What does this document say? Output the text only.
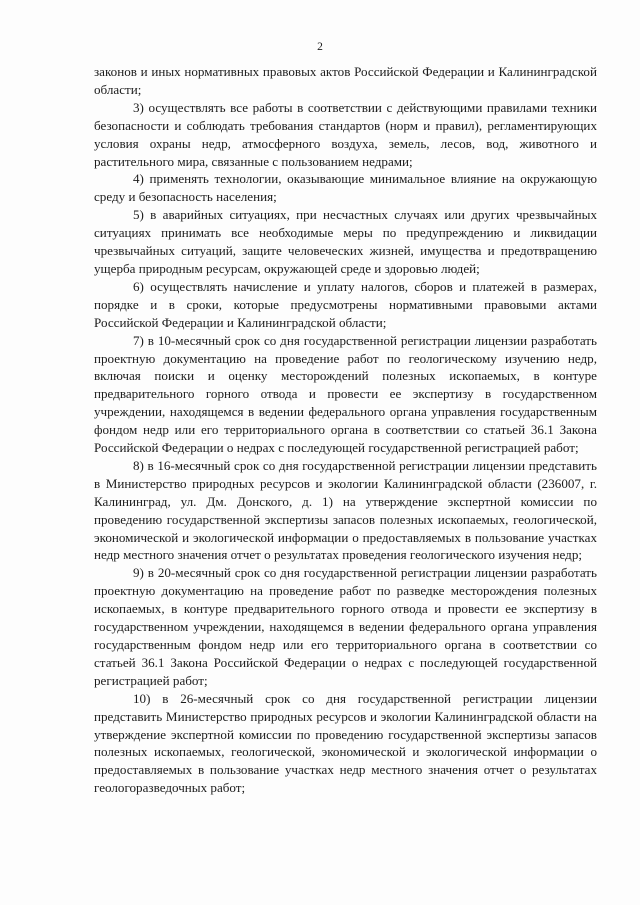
2

законов и иных нормативных правовых актов Российской Федерации и Калининградской области;

3) осуществлять все работы в соответствии с действующими правилами техники безопасности и соблюдать требования стандартов (норм и правил), регламентирующих условия охраны недр, атмосферного воздуха, земель, лесов, вод, животного и растительного мира, связанные с пользованием недрами;

4) применять технологии, оказывающие минимальное влияние на окружающую среду и безопасность населения;

5) в аварийных ситуациях, при несчастных случаях или других чрезвычайных ситуациях принимать все необходимые меры по предупреждению и ликвидации чрезвычайных ситуаций, защите человеческих жизней, имущества и предотвращению ущерба природным ресурсам, окружающей среде и здоровью людей;

6) осуществлять начисление и уплату налогов, сборов и платежей в размерах, порядке и в сроки, которые предусмотрены нормативными правовыми актами Российской Федерации и Калининградской области;

7) в 10-месячный срок со дня государственной регистрации лицензии разработать проектную документацию на проведение работ по геологическому изучению недр, включая поиски и оценку месторождений полезных ископаемых, в контуре предварительного горного отвода и провести ее экспертизу в государственном учреждении, находящемся в ведении федерального органа управления государственным фондом недр или его территориального органа в соответствии со статьей 36.1 Закона Российской Федерации о недрах с последующей государственной регистрацией работ;

8) в 16-месячный срок со дня государственной регистрации лицензии представить в Министерство природных ресурсов и экологии Калининградской области (236007, г. Калининград, ул. Дм. Донского, д. 1) на утверждение экспертной комиссии по проведению государственной экспертизы запасов полезных ископаемых, геологической, экономической и экологической информации о предоставляемых в пользование участках недр местного значения отчет о результатах проведения геологического изучения недр;

9) в 20-месячный срок со дня государственной регистрации лицензии разработать проектную документацию на проведение работ по разведке месторождения полезных ископаемых, в контуре предварительного горного отвода и провести ее экспертизу в государственном учреждении, находящемся в ведении федерального органа управления государственным фондом недр или его территориального органа в соответствии со статьей 36.1 Закона Российской Федерации о недрах с последующей государственной регистрацией работ;

10) в 26-месячный срок со дня государственной регистрации лицензии представить Министерство природных ресурсов и экологии Калининградской области на утверждение экспертной комиссии по проведению государственной экспертизы запасов полезных ископаемых, геологической, экономической и экологической информации о предоставляемых в пользование участках недр местного значения отчет о результатах геологоразведочных работ;
